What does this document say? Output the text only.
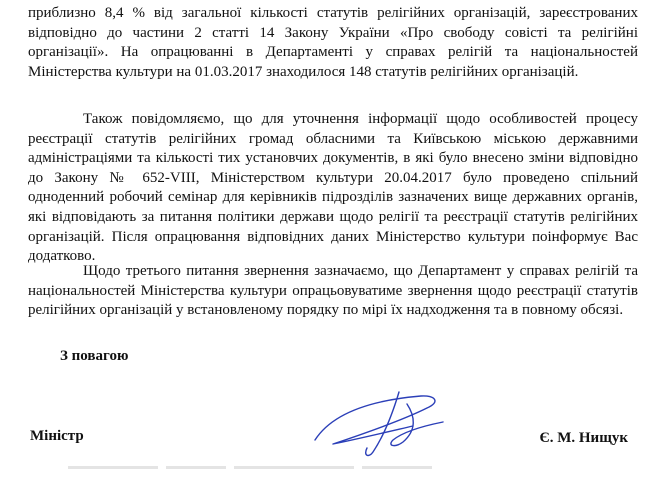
приблизно 8,4 % від загальної кількості статутів релігійних організацій, зареєстрованих відповідно до частини 2 статті 14 Закону України «Про свободу совісті та релігійні організації». На опрацюванні в Департаменті у справах релігій та національностей Міністерства культури на 01.03.2017 знаходилося 148 статутів релігійних організацій.

Також повідомляємо, що для уточнення інформації щодо особливостей процесу реєстрації статутів релігійних громад обласними та Київською міською державними адміністраціями та кількості тих установчих документів, в які було внесено зміни відповідно до Закону № 652-VIII, Міністерством культури 20.04.2017 було проведено спільний одноденний робочий семінар для керівників підрозділів зазначених вище державних органів, які відповідають за питання політики держави щодо релігії та реєстрації статутів релігійних організацій. Після опрацювання відповідних даних Міністерство культури поінформує Вас додатково.

Щодо третього питання звернення зазначаємо, що Департамент у справах релігій та національностей Міністерства культури опрацьовуватиме звернення щодо реєстрації статутів релігійних організацій у встановленому порядку по мірі їх надходження та в повному обсязі.

З повагою

Міністр	Є. М. Нищук
